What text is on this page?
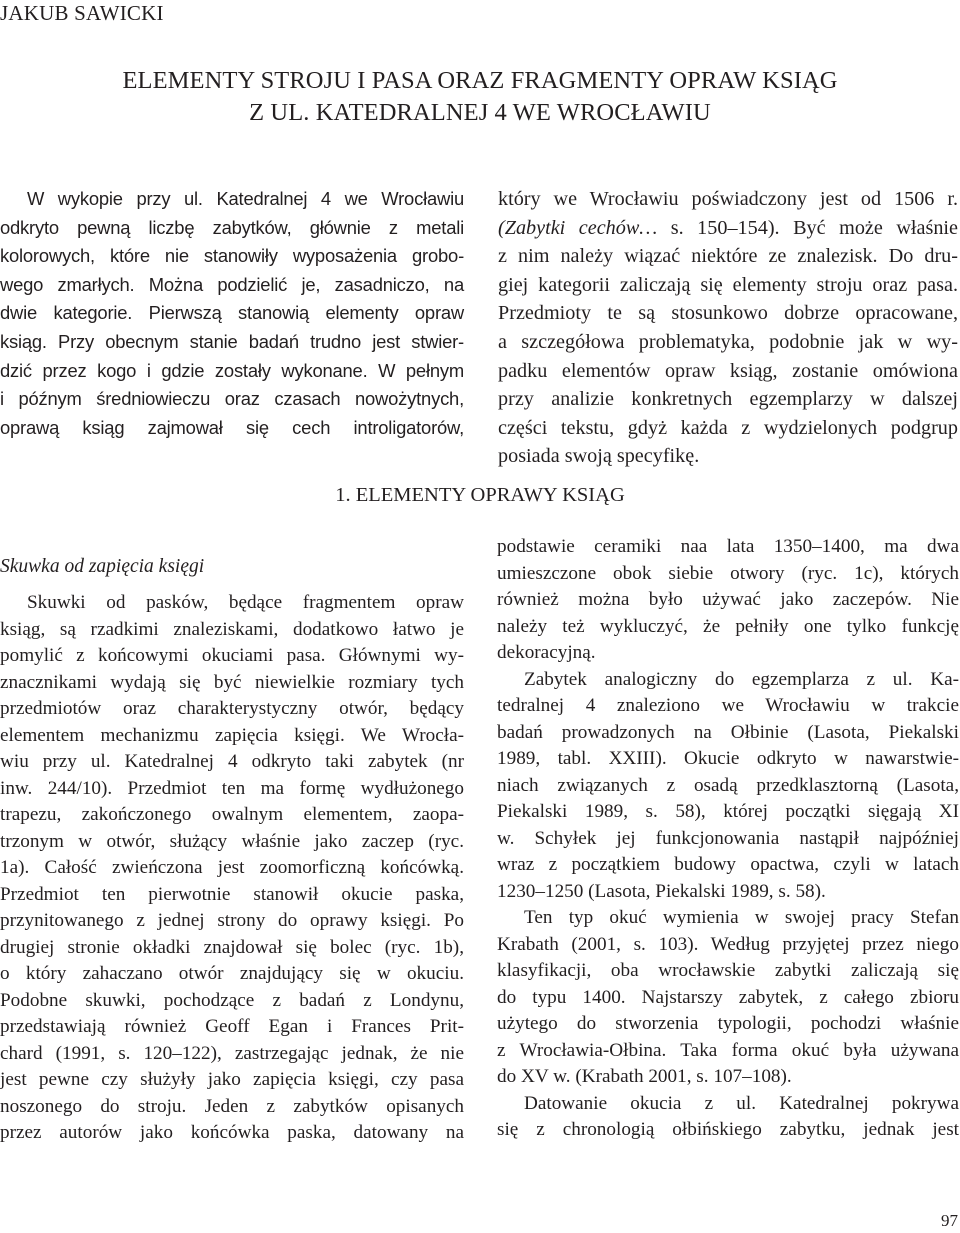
JAKUB SAWICKI
ELEMENTY STROJU I PASA ORAZ FRAGMENTY OPRAW KSIĄG
Z UL. KATEDRALNEJ 4 WE WROCŁAWIU
W wykopie przy ul. Katedralnej 4 we Wrocławiu
odkryto pewną liczbę zabytków, głównie z metali
kolorowych, które nie stanowiły wyposażenia grobo-
wego zmarłych. Można podzielić je, zasadniczo, na
dwie kategorie. Pierwszą stanowią elementy opraw
ksiąg. Przy obecnym stanie badań trudno jest stwier-
dzić przez kogo i gdzie zostały wykonane. W pełnym
i późnym średniowieczu oraz czasach nowożytnych,
oprawą ksiąg zajmował się cech introligatorów,
który we Wrocławiu poświadczony jest od 1506 r.
(Zabytki cechów… s. 150–154). Być może właśnie
z nim należy wiązać niektóre ze znalezisk. Do dru-
giej kategorii zaliczają się elementy stroju oraz pasa.
Przedmioty te są stosunkowo dobrze opracowane,
a szczegółowa problematyka, podobnie jak w wy-
padku elementów opraw ksiąg, zostanie omówiona
przy analizie konkretnych egzemplarzy w dalszej
części tekstu, gdyż każda z wydzielonych podgrup
posiada swoją specyfikę.
1. ELEMENTY OPRAWY KSIĄG
Skuwka od zapięcia księgi
Skuwki od pasków, będące fragmentem opraw
ksiąg, są rzadkimi znaleziskami, dodatkowo łatwo je
pomylić z końcowymi okuciami pasa. Głównymi wy-
znacznikami wydają się być niewielkie rozmiary tych
przedmiotów oraz charakterystyczny otwór, będący
elementem mechanizmu zapięcia księgi. We Wrocła-
wiu przy ul. Katedralnej 4 odkryto taki zabytek (nr
inw. 244/10). Przedmiot ten ma formę wydłużonego
trapezu, zakończonego owalnym elementem, zaopa-
trzonym w otwór, służący właśnie jako zaczep (ryc.
1a). Całość zwieńczona jest zoomorficzną końcówką.
Przedmiot ten pierwotnie stanowił okucie paska,
przynitowanego z jednej strony do oprawy księgi. Po
drugiej stronie okładki znajdował się bolec (ryc. 1b),
o który zahaczano otwór znajdujący się w okuciu.
Podobne skuwki, pochodzące z badań z Londynu,
przedstawiają również Geoff Egan i Frances Prit-
chard (1991, s. 120–122), zastrzegając jednak, że nie
jest pewne czy służyły jako zapięcia księgi, czy pasa
noszonego do stroju. Jeden z zabytków opisanych
przez autorów jako końcówka paska, datowany na
podstawie ceramiki naa lata 1350–1400, ma dwa
umieszczone obok siebie otwory (ryc. 1c), których
również można było używać jako zaczepów. Nie
należy też wykluczyć, że pełniły one tylko funkcję
dekoracyjną.
Zabytek analogiczny do egzemplarza z ul. Ka-
tedralnej 4 znaleziono we Wrocławiu w trakcie
badań prowadzonych na Ołbinie (Lasota, Piekalski
1989, tabl. XXIII). Okucie odkryto w nawarstwie-
niach związanych z osadą przedklasztorną (Lasota,
Piekalski 1989, s. 58), której początki sięgają XI
w. Schyłek jej funkcjonowania nastąpił najpóźniej
wraz z początkiem budowy opactwa, czyli w latach
1230–1250 (Lasota, Piekalski 1989, s. 58).
Ten typ okuć wymienia w swojej pracy Stefan
Krabath (2001, s. 103). Według przyjętej przez niego
klasyfikacji, oba wrocławskie zabytki zaliczają się
do typu 1400. Najstarszy zabytek, z całego zbioru
użytego do stworzenia typologii, pochodzi właśnie
z Wrocławia-Ołbina. Taka forma okuć była używana
do XV w. (Krabath 2001, s. 107–108).
Datowanie okucia z ul. Katedralnej pokrywa
się z chronologią ołbińskiego zabytku, jednak jest
97
